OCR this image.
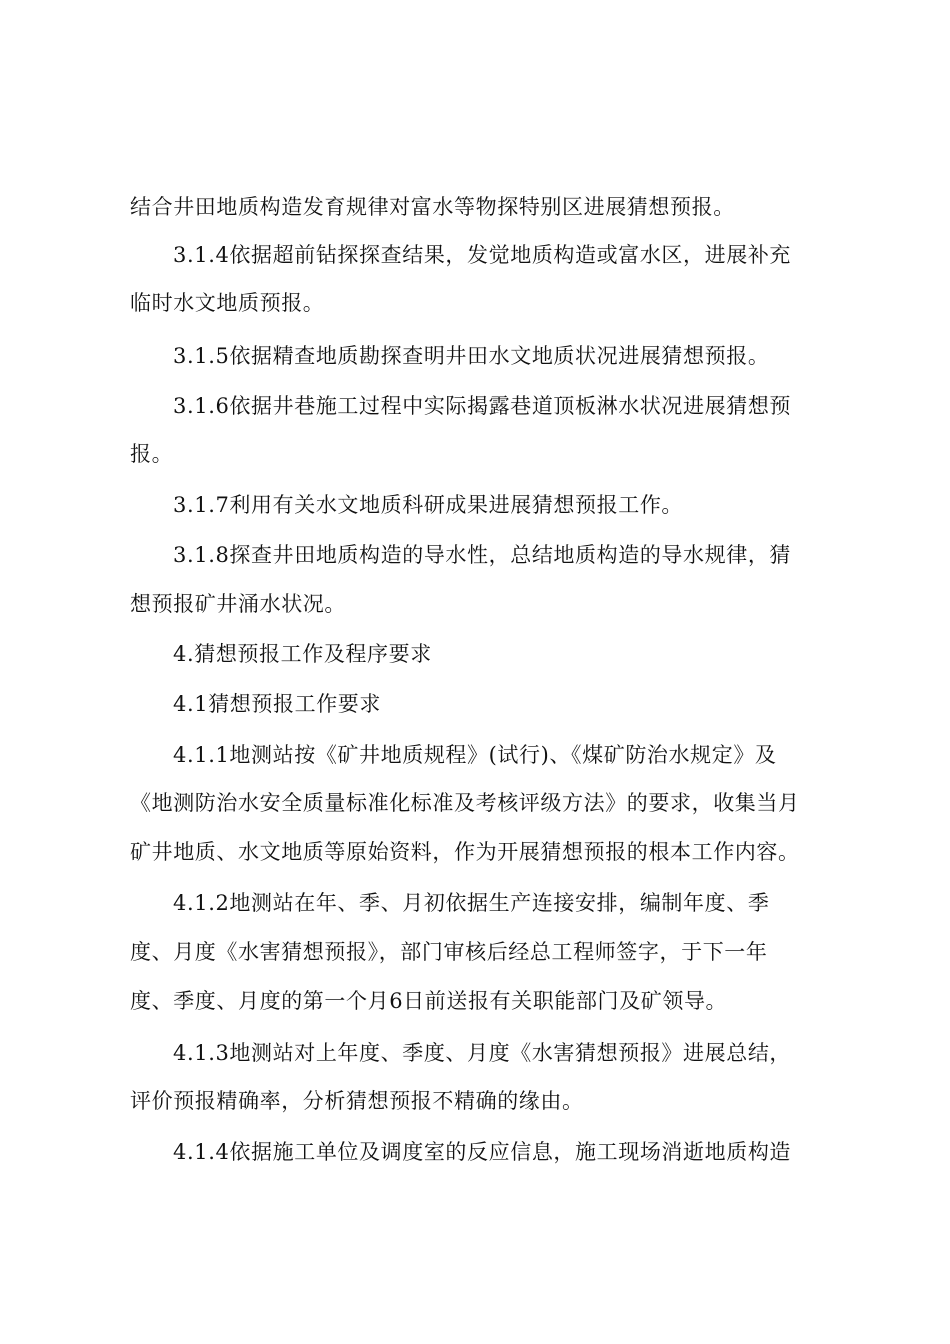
结合井田地质构造发育规律对富水等物探特别区进展猜想预报。
3.1.4依据超前钻探探查结果，发觉地质构造或富水区，进展补充
临时水文地质预报。
3.1.5依据精查地质勘探查明井田水文地质状况进展猜想预报。
3.1.6依据井巷施工过程中实际揭露巷道顶板淋水状况进展猜想预
报。
3.1.7利用有关水文地质科研成果进展猜想预报工作。
3.1.8探查井田地质构造的导水性，总结地质构造的导水规律，猜
想预报矿井涌水状况。
4.猜想预报工作及程序要求
4.1猜想预报工作要求
4.1.1地测站按《矿井地质规程》(试行)、《煤矿防治水规定》及
《地测防治水安全质量标准化标准及考核评级方法》的要求，收集当月
矿井地质、水文地质等原始资料，作为开展猜想预报的根本工作内容。
4.1.2地测站在年、季、月初依据生产连接安排，编制年度、季
度、月度《水害猜想预报》，部门审核后经总工程师签字，于下一年
度、季度、月度的第一个月6日前送报有关职能部门及矿领导。
4.1.3地测站对上年度、季度、月度《水害猜想预报》进展总结，
评价预报精确率，分析猜想预报不精确的缘由。
4.1.4依据施工单位及调度室的反应信息，施工现场消逝地质构造
